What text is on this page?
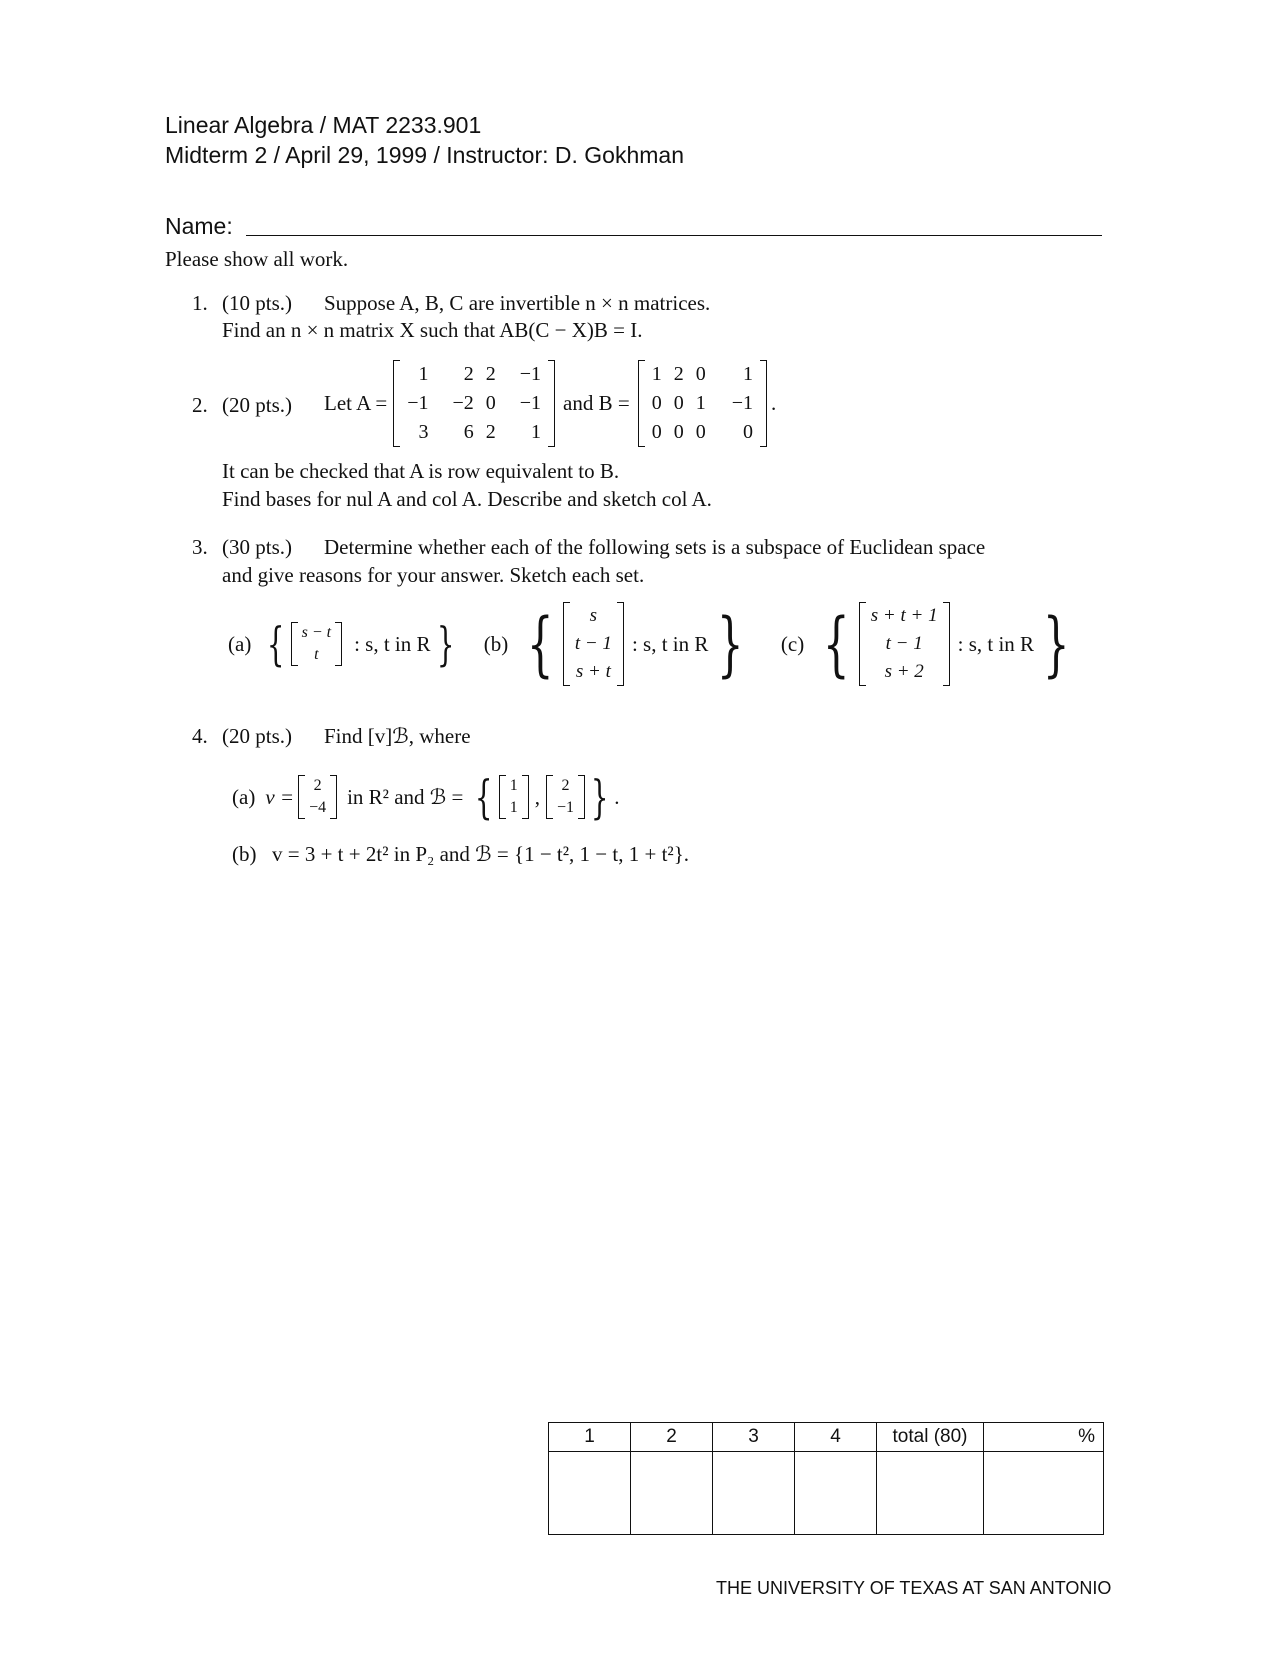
Linear Algebra / MAT 2233.901
Midterm 2 / April 29, 1999 / Instructor: D. Gokhman
Name:
Please show all work.
1. (10 pts.) Suppose A, B, C are invertible n × n matrices.
Find an n × n matrix X such that AB(C − X)B = I.
2. (20 pts.) Let A =
1	2	2	−1
−1	−2	0	−1
3	6	2	1
and B =
1	2	0	1
0	0	1	−1
0	0	0	0
.
It can be checked that A is row equivalent to B.
Find bases for nul A and col A. Describe and sketch col A.
3. (30 pts.) Determine whether each of the following sets is a subspace of Euclidean space
and give reasons for your answer. Sketch each set.
(a) { s − t
t : s, t in R } (b) { s
t − 1
s + t
: s, t in R } (c) { s + t + 1
t − 1
s + 2
: s, t in R }
4. (20 pts.) Find [v]ℬ, where
(a) v = 2
−4 in R² and ℬ = { 1
1 , 2
−1 } .
(b) v = 3 + t + 2t² in P₂ and ℬ = {1 − t², 1 − t, 1 + t²}.
1	2	3	4	total (80)	%

THE UNIVERSITY OF TEXAS AT SAN ANTONIO
